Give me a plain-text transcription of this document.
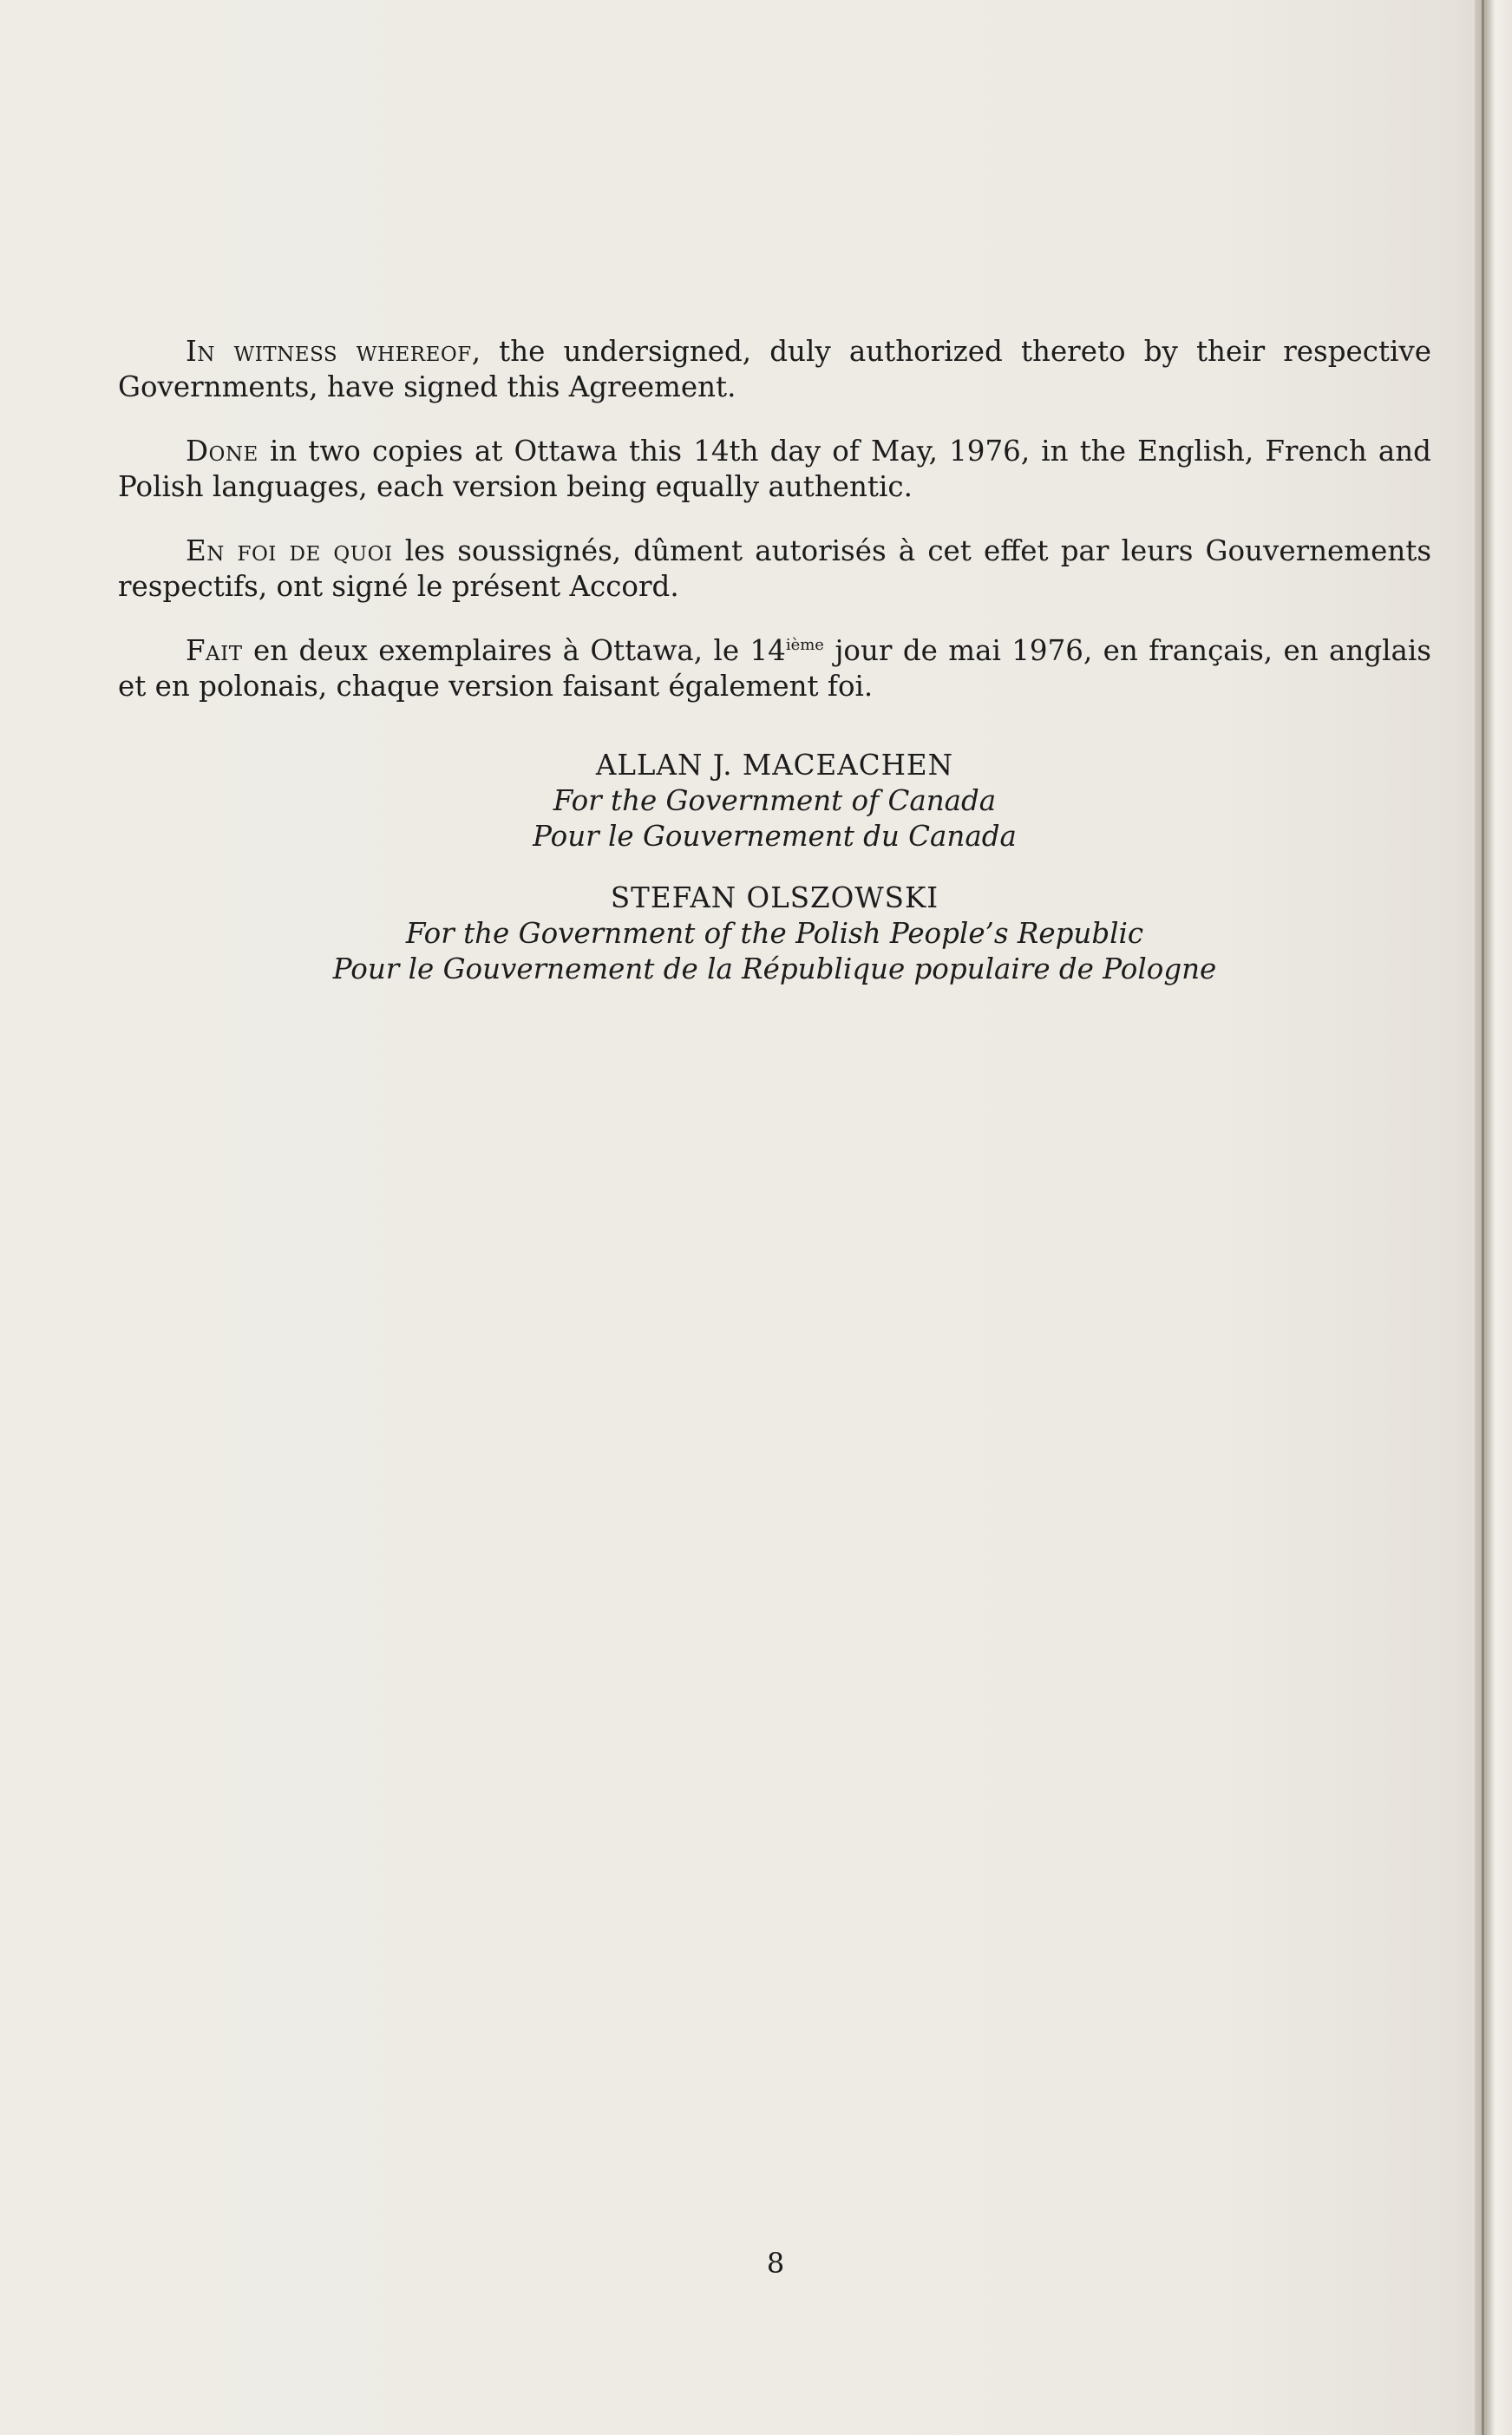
In witness whereof, the undersigned, duly authorized thereto by their respective Governments, have signed this Agreement.

Done in two copies at Ottawa this 14th day of May, 1976, in the English, French and Polish languages, each version being equally authentic.

En foi de quoi les soussignés, dûment autorisés à cet effet par leurs Gouvernements respectifs, ont signé le présent Accord.

Fait en deux exemplaires à Ottawa, le 14ième jour de mai 1976, en français, en anglais et en polonais, chaque version faisant également foi.

ALLAN J. MACEACHEN
For the Government of Canada
Pour le Gouvernement du Canada
STEFAN OLSZOWSKI
For the Government of the Polish People’s Republic
Pour le Gouvernement de la République populaire de Pologne
8
